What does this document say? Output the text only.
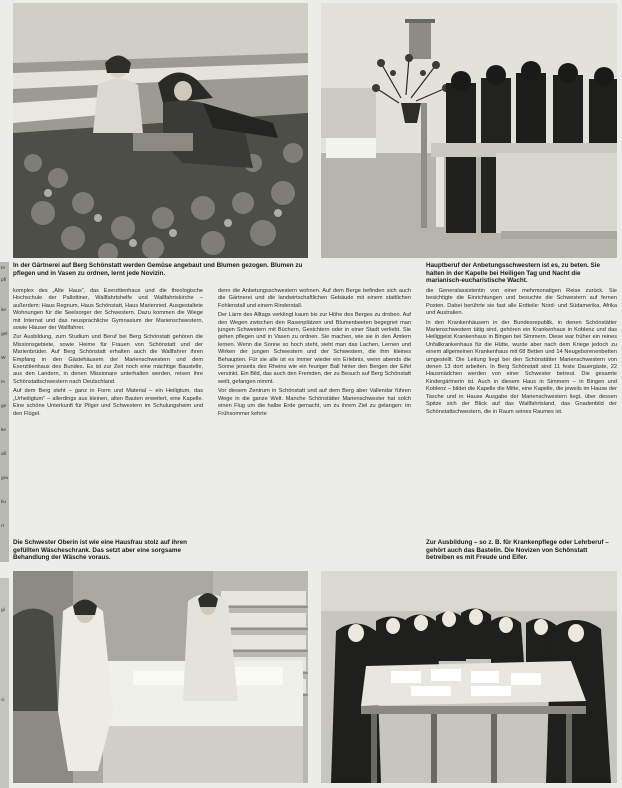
In
pfl
ite
gel
W
In
ge
ke
all
gra
ku
rr
gl
ci
In der Gärtnerei auf Berg Schönstatt werden Gemüse angebaut und Blumen gezogen. Blumen zu pflegen und in Vasen zu ordnen, lernt jede Novizin.
Hauptberuf der Anbetungsschwestern ist es, zu beten. Sie halten in der Kapelle bei Heiligen Tag und Nacht die marianisch-eucharistische Wacht.

komplex des „Alte Haus“, das Exerzitienhaus und die theologische Hochschule der Pallottiner, Wallfahrtshelfe und Wallfahrtskirche – außerdem: Haus Regnum, Haus Schönstatt, Haus Marienried. Ausgestaltete Wohnungen für die Seelsorger der Schwestern. Dazu kommen die Wiege mit Internat und das neusprachliche Gymnasium der Marienschwestern, sowie Häuser der Wallfahrer.

Zur Ausbildung, zum Studium und Beruf bei Berg Schönstatt gehören die Missionsgebiete, sowie Heime für Frauen von Schönstatt und der Marienbrüder. Auf Berg Schönstatt erhalten auch die Wallfahrer ihren Empfang in den Gästehäusern der Marienschwestern und dem Exerzitienhaus des Bundes. Es ist zur Zeit noch eine mächtige Baustelle, aus den Landern, in denen Missionare unterhalten werden, reisen ihre Schönstattschwestern nach Deutschland.

Auf dem Berg steht – ganz in Form und Material – ein Heiligtum, das „Urheiligtum“ – allerdings aus kleinen, alten Bauten erweitert, eine Kapelle. Eine schöne Unterkunft für Pilger und Schwestern im Schulungsheim und den Flügel.

denn die Anbetungsschwestern wohnen. Auf dem Berge befinden sich auch die Gärtnerei und die landwirtschaftlichen Gebäude mit einem stattlichen Fohlenstall und einem Rinderstall.

Der Lärm des Alltags verklingt kaum bis zur Höhe des Berges zu droben. Auf den Wegen zwischen den Rasenplätzen und Blumenbeeten begegnet man jungen Schwestern mit Büchern, Gesichtern oder in einer Stadt verliebt. Sie gehen pflegen und in Vasen zu ordnen. Sie machen, wie sie in den Ämtern lernen. Wenn die Sonne so hoch steht, sieht man das Lachen, Lernen und Wirken der jungen Schwestern und der Schwestern, die ihm kleines Behaupten. Für sie alle ist es immer wieder ein Erlebnis, wenn abends die Sonne jenseits des Rheins wie ein feuriger Ball hinter den Bergen der Eifel versinkt. Ein Bild, das auch den Fremden, der zu Besuch auf Berg Schönstatt weilt, gefangen nimmt.

Vor diesem Zentrum in Schönstatt und auf dem Berg aber Vallendar führen Wege in die ganze Welt. Manche Schönstätter Marienschwester hat solch einen Flug um die halbe Erde gemacht, um zu ihrem Ziel zu gelangen: im Frühsommer kehrte

die Generalassistentin von einer mehrmonatigen Reise zurück. Sie besichtigte die Einrichtungen und besuchte die Schwestern auf fernen Posten. Dabei berührte sie fast alle Erdteile: Nord- und Südamerika, Afrika und Australien.

In den Krankenhäusern in der Bundesrepublik, in denen Schönstätter Marienschwestern tätig sind, gehören ein Krankenhaus in Koblenz und das Heiliggeist Krankenhaus in Bingen bei Simmern. Diese war früher ein reines Unfallkrankenhaus für die Hütte, wurde aber nach dem Kriege jedoch zu einem allgemeinen Krankenhaus mit 68 Betten und 14 Neugeborenenbetten umgestellt. Die Leitung liegt bei den Schönstätter Marienschwestern von denen 13 dort arbeiten. In Berg Schönstatt sind 11 feste Dauergäste, 22 Hausmädchen werden von einer Schwester betreut. Die gesamte Kindergärtnerin ist. Auch in diesem Haus in Simmern – in Bingen und Koblenz – bildet die Kapelle die Mitte, eine Kapelle, die jeweils im Hause der Tasche und in Hause Ausgabe der Marienschwestern liegt, über dessen Spitze sich der Blick auf das Wallfahrtsland, das Gnadenbild der Schönstattschwestern, die in Raum seines Raumes ist.

Die Schwester Oberin ist wie eine Hausfrau stolz auf ihren gefüllten Wäscheschrank. Das setzt aber eine sorgsame Behandlung der Wäsche voraus.
Zur Ausbildung – so z. B. für Krankenpflege oder Lehrberuf – gehört auch das Bastelin. Die Novizen von Schönstatt betreiben es mit Freude und Eifer.
